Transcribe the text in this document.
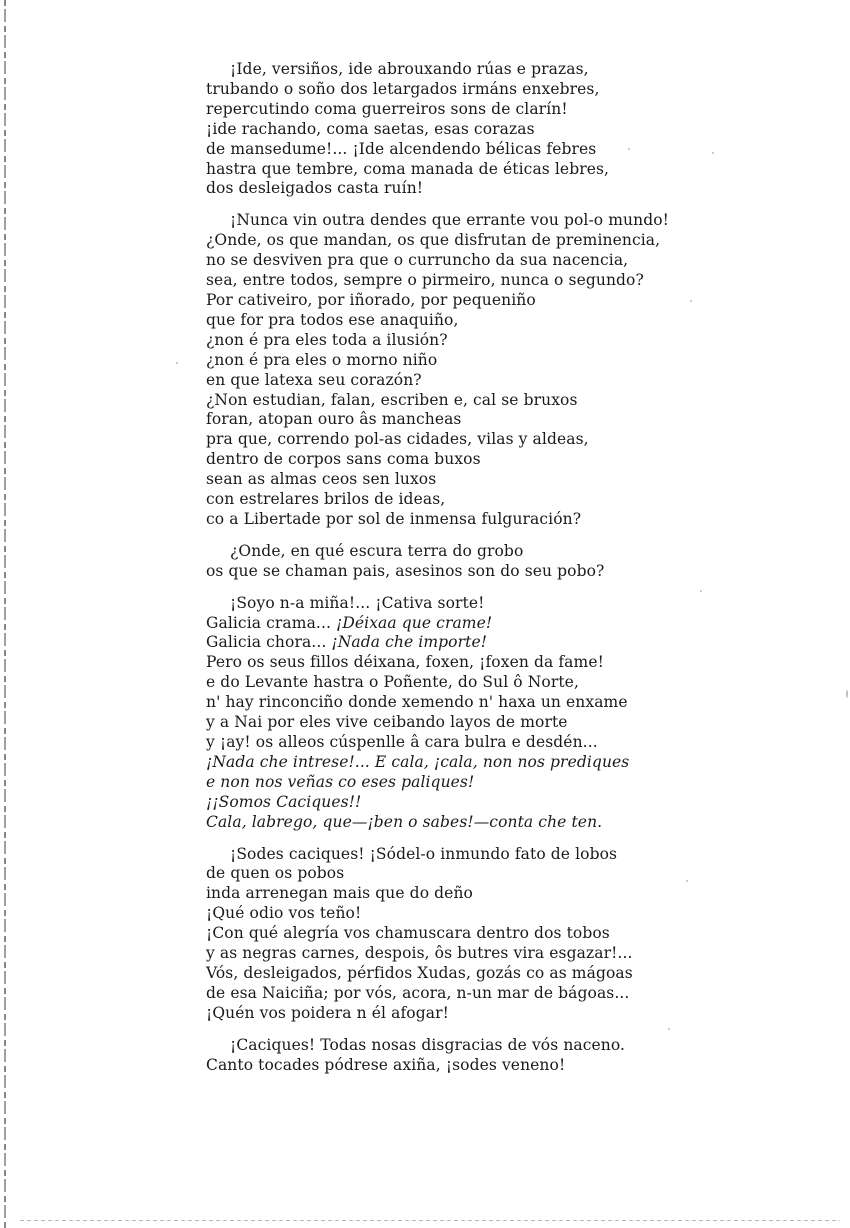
¡Ide, versiños, ide abrouxando rúas e prazas,
trubando o soño dos letargados irmáns enxebres,
repercutindo coma guerreiros sons de clarín!
¡ide rachando, coma saetas, esas corazas
de mansedume!... ¡Ide alcendendo bélicas febres
hastra que tembre, coma manada de éticas lebres,
dos desleigados casta ruín!
¡Nunca vin outra dendes que errante vou pol-o mundo!
¿Onde, os que mandan, os que disfrutan de preminencia,
no se desviven pra que o curruncho da sua nacencia,
sea, entre todos, sempre o pirmeiro, nunca o segundo?
Por cativeiro, por iñorado, por pequeniño
que for pra todos ese anaquiño,
¿non é pra eles toda a ilusión?
¿non é pra eles o morno niño
en que latexa seu corazón?
¿Non estudian, falan, escriben e, cal se bruxos
foran, atopan ouro âs mancheas
pra que, correndo pol-as cidades, vilas y aldeas,
dentro de corpos sans coma buxos
sean as almas ceos sen luxos
con estrelares brilos de ideas,
co a Libertade por sol de inmensa fulguración?
¿Onde, en qué escura terra do grobo
os que se chaman pais, asesinos son do seu pobo?
¡Soyo n-a miña!... ¡Cativa sorte!
Galicia crama... ¡Déixaa que crame!
Galicia chora... ¡Nada che importe!
Pero os seus fillos déixana, foxen, ¡foxen da fame!
e do Levante hastra o Poñente, do Sul ô Norte,
n' hay rinconciño donde xemendo n' haxa un enxame
y a Nai por eles vive ceibando layos de morte
y ¡ay! os alleos cúspenlle â cara bulra e desdén...
¡Nada che intrese!... E cala, ¡cala, non nos prediques
e non nos veñas co eses paliques!
¡¡Somos Caciques!!
Cala, labrego, que—¡ben o sabes!—conta che ten.
¡Sodes caciques! ¡Sódel-o inmundo fato de lobos
de quen os pobos
inda arrenegan mais que do deño
¡Qué odio vos teño!
¡Con qué alegría vos chamuscara dentro dos tobos
y as negras carnes, despois, ôs butres vira esgazar!...
Vós, desleigados, pérfidos Xudas, gozás co as mágoas
de esa Naiciña; por vós, acora, n-un mar de bágoas...
¡Quén vos poidera n él afogar!
¡Caciques! Todas nosas disgracias de vós naceno.
Canto tocades pódrese axiña, ¡sodes veneno!
